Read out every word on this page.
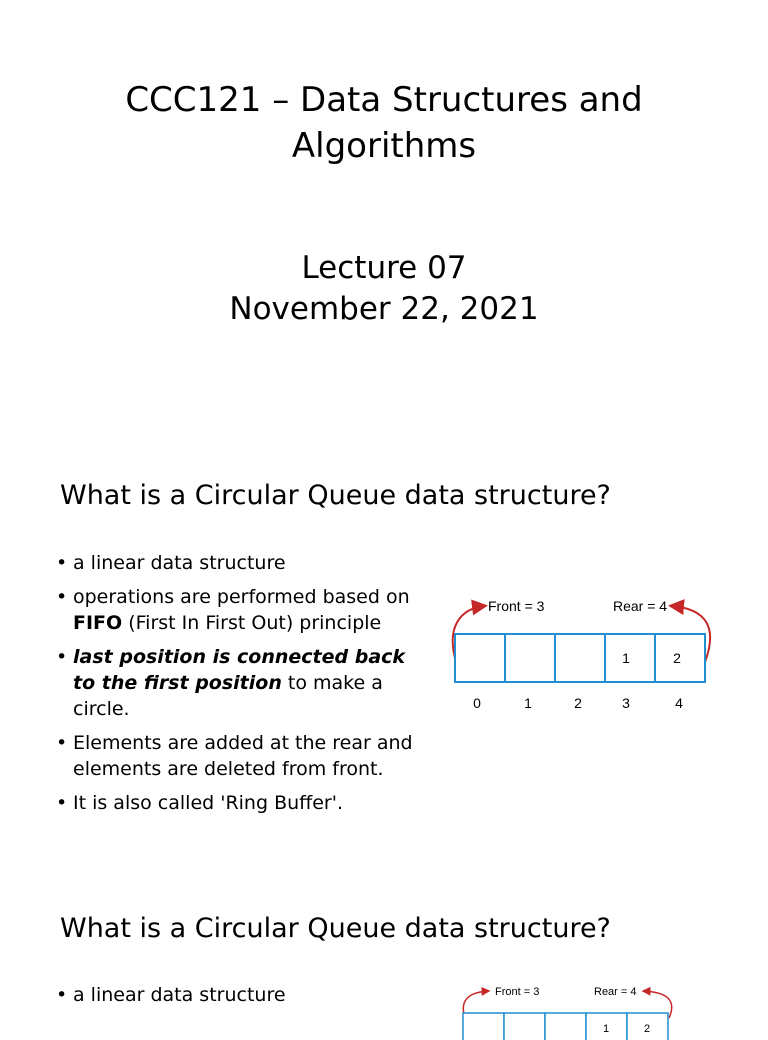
CCC121 – Data Structures and
Algorithms
Lecture 07
November 22, 2021
What is a Circular Queue data structure?
• a linear data structure
• operations are performed based on FIFO (First In First Out) principle
• last position is connected back to the first position to make a circle.
• Elements are added at the rear and elements are deleted from front.
• It is also called 'Ring Buffer'.
Front = 3	Rear = 4
1	2
0	1	2	3	4
What is a Circular Queue data structure?
• a linear data structure	Front = 3	Rear = 4
1	2
